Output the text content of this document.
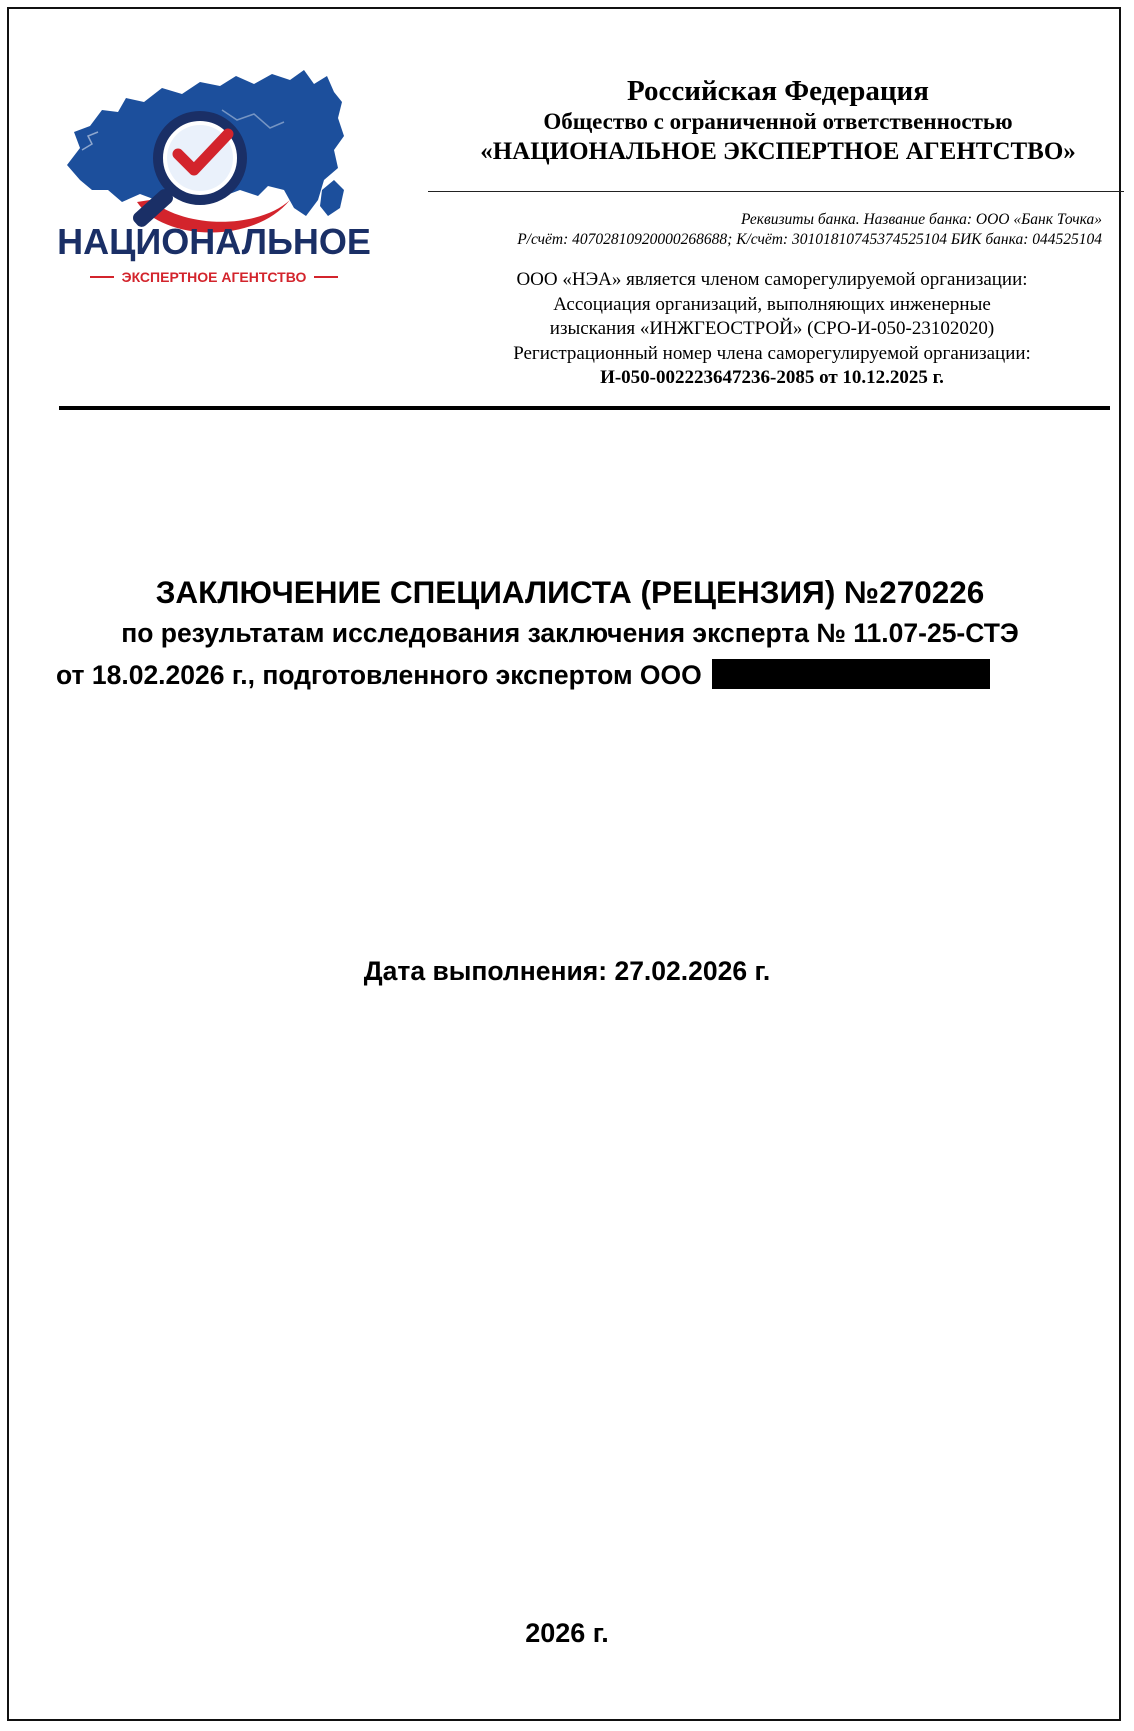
НАЦИОНАЛЬНОЕ
ЭКСПЕРТНОЕ АГЕНТСТВО
Российская Федерация
Общество с ограниченной ответственностью
«НАЦИОНАЛЬНОЕ ЭКСПЕРТНОЕ АГЕНТСТВО»
Реквизиты банка. Название банка: ООО «Банк Точка»
Р/счёт: 40702810920000268688; К/счёт: 30101810745374525104 БИК банка: 044525104
ООО «НЭА» является членом саморегулируемой организации:
Ассоциация организаций, выполняющих инженерные
изыскания «ИНЖГЕОСТРОЙ» (СРО-И-050-23102020)
Регистрационный номер члена саморегулируемой организации:
И-050-002223647236-2085 от 10.12.2025 г.
ЗАКЛЮЧЕНИЕ СПЕЦИАЛИСТА (РЕЦЕНЗИЯ) №270226
по результатам исследования заключения эксперта № 11.07-25-СТЭ
от 18.02.2026 г., подготовленного экспертом ООО
Дата выполнения: 27.02.2026 г.
2026 г.
